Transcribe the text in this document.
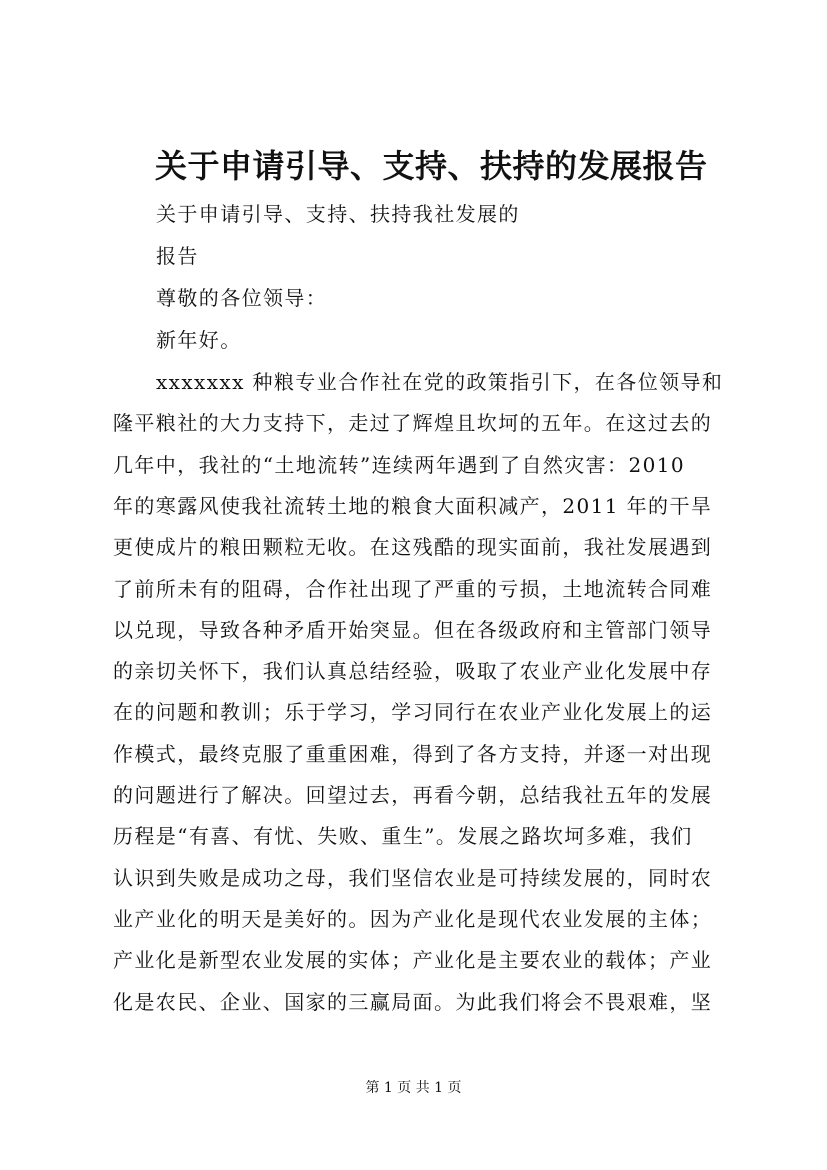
关于申请引导、支持、扶持的发展报告

关于申请引导、支持、扶持我社发展的

报告

尊敬的各位领导：

新年好。

xxxxxxx 种粮专业合作社在党的政策指引下，在各位领导和

隆平粮社的大力支持下，走过了辉煌且坎坷的五年。在这过去的

几年中，我社的“土地流转”连续两年遇到了自然灾害：2010

年的寒露风使我社流转土地的粮食大面积减产，2011 年的干旱

更使成片的粮田颗粒无收。在这残酷的现实面前，我社发展遇到

了前所未有的阻碍，合作社出现了严重的亏损，土地流转合同难

以兑现，导致各种矛盾开始突显。但在各级政府和主管部门领导

的亲切关怀下，我们认真总结经验，吸取了农业产业化发展中存

在的问题和教训；乐于学习，学习同行在农业产业化发展上的运

作模式，最终克服了重重困难，得到了各方支持，并逐一对出现

的问题进行了解决。回望过去，再看今朝，总结我社五年的发展

历程是“有喜、有忧、失败、重生”。发展之路坎坷多难，我们

认识到失败是成功之母，我们坚信农业是可持续发展的，同时农

业产业化的明天是美好的。因为产业化是现代农业发展的主体；

产业化是新型农业发展的实体；产业化是主要农业的载体；产业

化是农民、企业、国家的三赢局面。为此我们将会不畏艰难，坚

第 1 页 共 1 页
